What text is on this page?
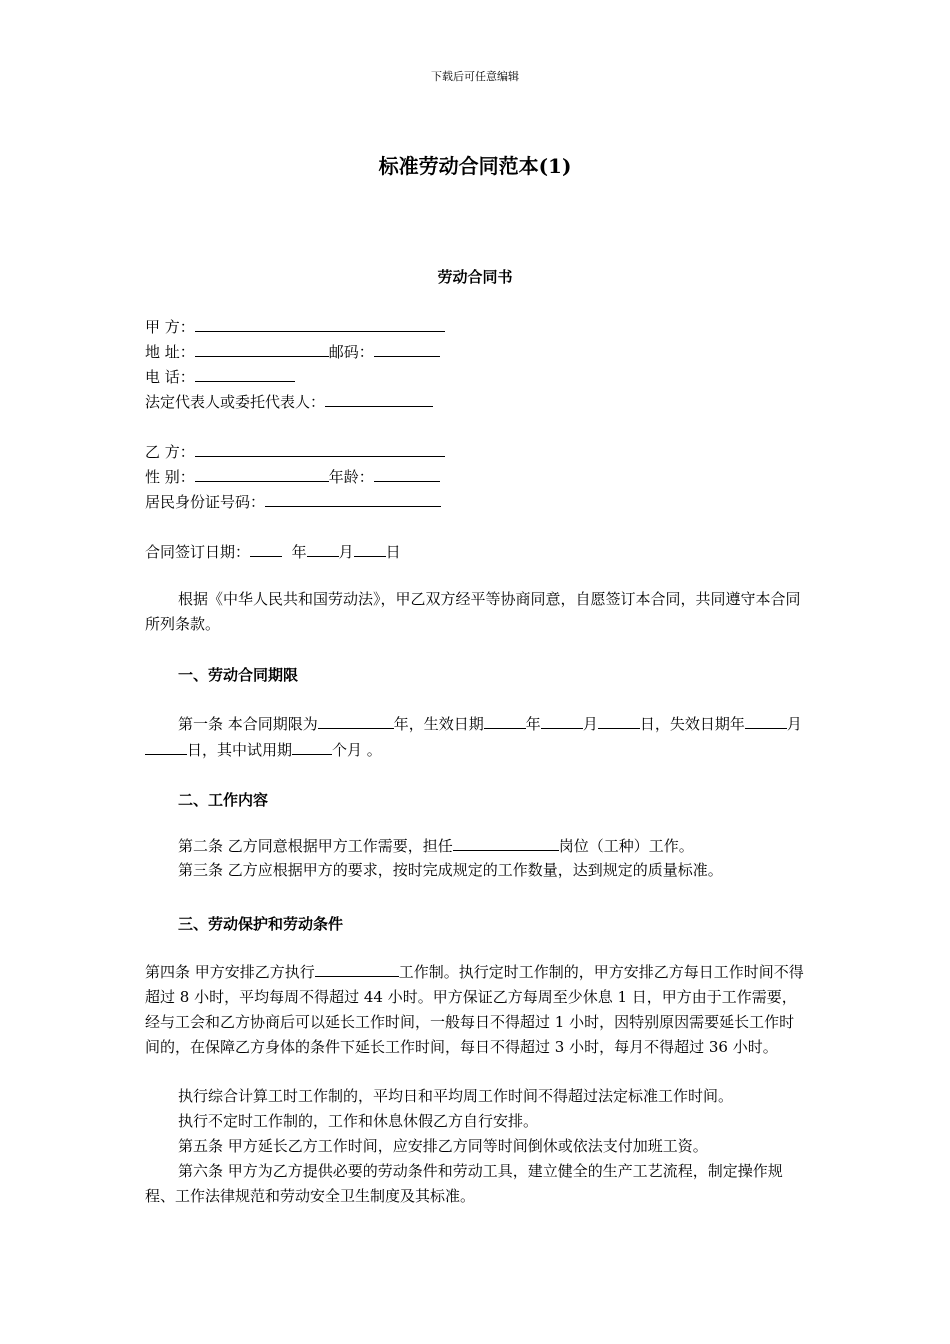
下载后可任意编辑
标准劳动合同范本(1)
劳动合同书
甲 方：
地 址：	邮码：
电 话：
法定代表人或委托代表人：
乙 方：
性 别：	年龄：
居民身份证号码：
合同签订日期：	年 月 日
根据《中华人民共和国劳动法》，甲乙双方经平等协商同意，自愿签订本合同，共同遵守本合同所列条款。
一、劳动合同期限
第一条 本合同期限为	年，生效日期	年	月	日，失效日期年	月日，其中试用期	个月 。
二、工作内容
第二条 乙方同意根据甲方工作需要，担任	岗位（工种）工作。
第三条 乙方应根据甲方的要求，按时完成规定的工作数量，达到规定的质量标准。
三、劳动保护和劳动条件
第四条 甲方安排乙方执行	工作制。执行定时工作制的，甲方安排乙方每日工作时间不得超过 8 小时，平均每周不得超过 44 小时。甲方保证乙方每周至少休息 1 日，甲方由于工作需要，经与工会和乙方协商后可以延长工作时间，一般每日不得超过 1 小时，因特别原因需要延长工作时间的，在保障乙方身体的条件下延长工作时间，每日不得超过 3 小时，每月不得超过 36 小时。
执行综合计算工时工作制的，平均日和平均周工作时间不得超过法定标准工作时间。
执行不定时工作制的，工作和休息休假乙方自行安排。
第五条 甲方延长乙方工作时间，应安排乙方同等时间倒休或依法支付加班工资。
第六条 甲方为乙方提供必要的劳动条件和劳动工具，建立健全的生产工艺流程，制定操作规程、工作法律规范和劳动安全卫生制度及其标准。
